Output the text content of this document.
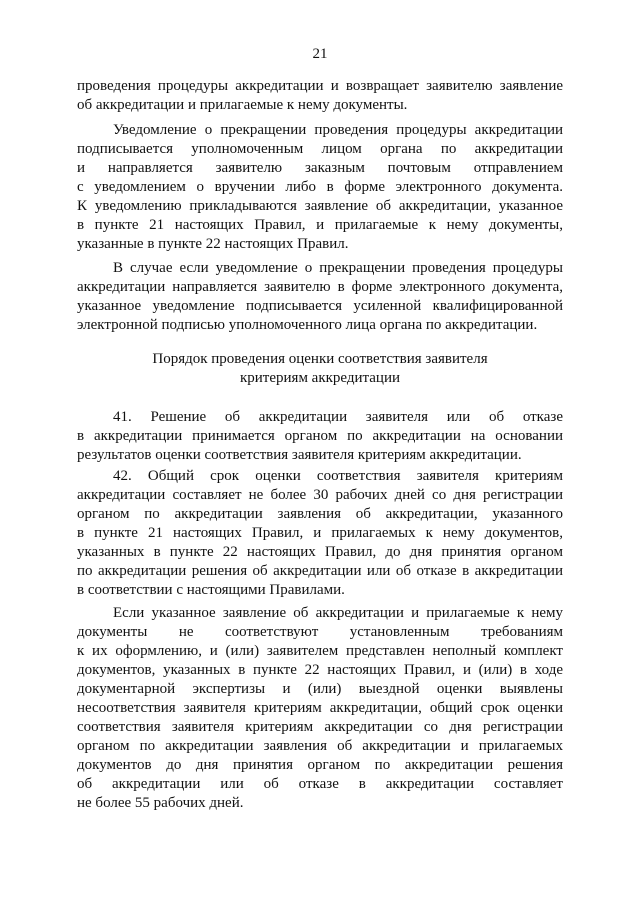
21
проведения процедуры аккредитации и возвращает заявителю заявление
об аккредитации и прилагаемые к нему документы.
Уведомление о прекращении проведения процедуры аккредитации
подписывается уполномоченным лицом органа по аккредитации
и направляется заявителю заказным почтовым отправлением
с уведомлением о вручении либо в форме электронного документа.
К уведомлению прикладываются заявление об аккредитации, указанное
в пункте 21 настоящих Правил, и прилагаемые к нему документы,
указанные в пункте 22 настоящих Правил.
В случае если уведомление о прекращении проведения процедуры
аккредитации направляется заявителю в форме электронного документа,
указанное уведомление подписывается усиленной квалифицированной
электронной подписью уполномоченного лица органа по аккредитации.
Порядок проведения оценки соответствия заявителя
критериям аккредитации
41. Решение об аккредитации заявителя или об отказе
в аккредитации принимается органом по аккредитации на основании
результатов оценки соответствия заявителя критериям аккредитации.
42. Общий срок оценки соответствия заявителя критериям
аккредитации составляет не более 30 рабочих дней со дня регистрации
органом по аккредитации заявления об аккредитации, указанного
в пункте 21 настоящих Правил, и прилагаемых к нему документов,
указанных в пункте 22 настоящих Правил, до дня принятия органом
по аккредитации решения об аккредитации или об отказе в аккредитации
в соответствии с настоящими Правилами.
Если указанное заявление об аккредитации и прилагаемые к нему
документы не соответствуют установленным требованиям
к их оформлению, и (или) заявителем представлен неполный комплект
документов, указанных в пункте 22 настоящих Правил, и (или) в ходе
документарной экспертизы и (или) выездной оценки выявлены
несоответствия заявителя критериям аккредитации, общий срок оценки
соответствия заявителя критериям аккредитации со дня регистрации
органом по аккредитации заявления об аккредитации и прилагаемых
документов до дня принятия органом по аккредитации решения
об аккредитации или об отказе в аккредитации составляет
не более 55 рабочих дней.
